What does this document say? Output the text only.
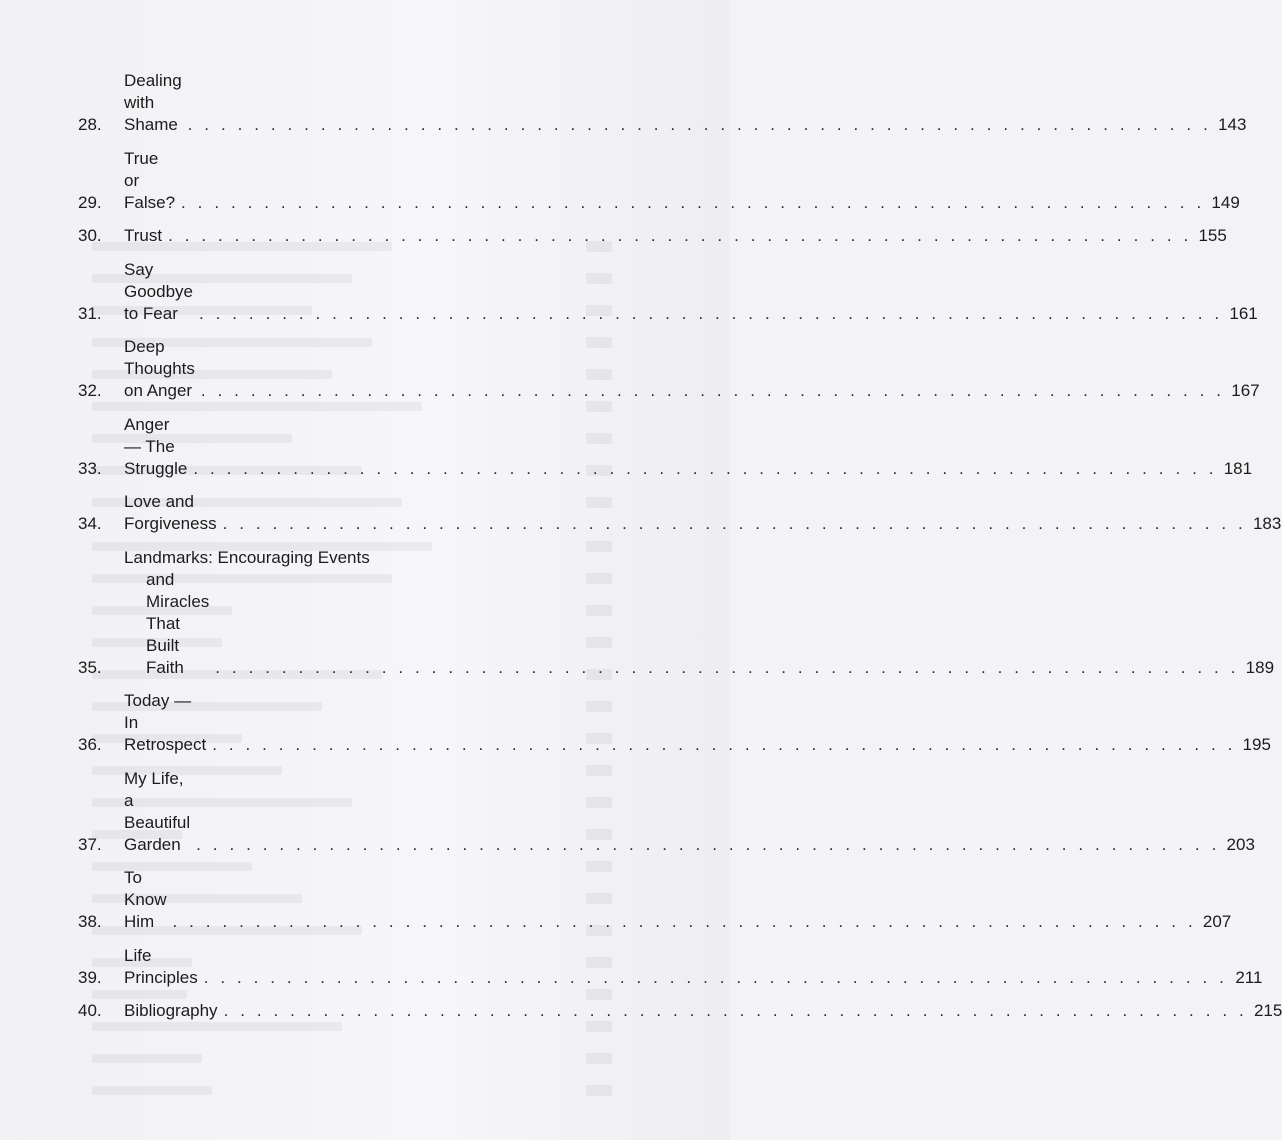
28.
Dealing with Shame . . .	143
29.
True or False? . . .	149
30.	Trust . . .	155
31.
Say Goodbye to Fear . . .	161
32.
Deep Thoughts on Anger . . .	167
33.
Anger — The Struggle . . .	181
34.
Love and Forgiveness . . .	183
35.
Landmarks: Encouraging Events
and Miracles That Built Faith . . .	189
36.
Today — In Retrospect . . .	195
37.
My Life, a Beautiful Garden . . .	203
38.
To Know Him . . .	207
39.
Life Principles . . .	211
40.	Bibliography . . .	215
